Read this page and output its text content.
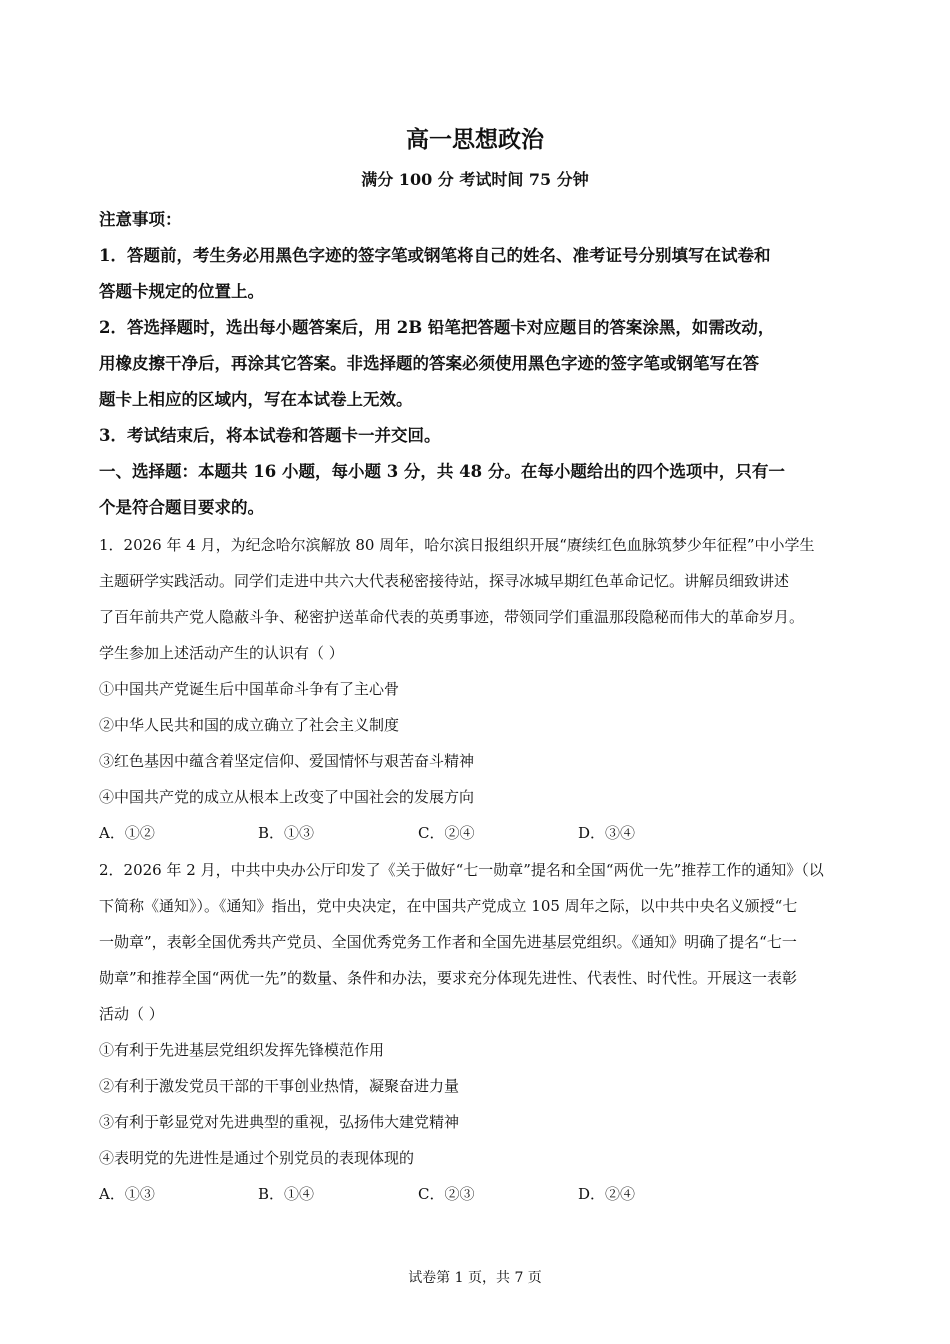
高一思想政治
满分 100 分 考试时间 75 分钟
注意事项：
1．答题前，考生务必用黑色字迹的签字笔或钢笔将自己的姓名、准考证号分别填写在试卷和
答题卡规定的位置上。
2．答选择题时，选出每小题答案后，用 2B 铅笔把答题卡对应题目的答案涂黑，如需改动，
用橡皮擦干净后，再涂其它答案。非选择题的答案必须使用黑色字迹的签字笔或钢笔写在答
题卡上相应的区域内，写在本试卷上无效。
3．考试结束后，将本试卷和答题卡一并交回。
一、选择题：本题共 16 小题，每小题 3 分，共 48 分。在每小题给出的四个选项中，只有一
个是符合题目要求的。
1．2026 年 4 月，为纪念哈尔滨解放 80 周年，哈尔滨日报组织开展“赓续红色血脉筑梦少年征程”中小学生
主题研学实践活动。同学们走进中共六大代表秘密接待站，探寻冰城早期红色革命记忆。讲解员细致讲述
了百年前共产党人隐蔽斗争、秘密护送革命代表的英勇事迹，带领同学们重温那段隐秘而伟大的革命岁月。
学生参加上述活动产生的认识有（ ）
①中国共产党诞生后中国革命斗争有了主心骨
②中华人民共和国的成立确立了社会主义制度
③红色基因中蕴含着坚定信仰、爱国情怀与艰苦奋斗精神
④中国共产党的成立从根本上改变了中国社会的发展方向
A．①②	B．①③	C．②④	D．③④
2．2026 年 2 月，中共中央办公厅印发了《关于做好“七一勋章”提名和全国“两优一先”推荐工作的通知》（以
下简称《通知》）。《通知》指出，党中央决定，在中国共产党成立 105 周年之际，以中共中央名义颁授“七
一勋章”，表彰全国优秀共产党员、全国优秀党务工作者和全国先进基层党组织。《通知》明确了提名“七一
勋章”和推荐全国“两优一先”的数量、条件和办法，要求充分体现先进性、代表性、时代性。开展这一表彰
活动（ ）
①有利于先进基层党组织发挥先锋模范作用
②有利于激发党员干部的干事创业热情，凝聚奋进力量
③有利于彰显党对先进典型的重视，弘扬伟大建党精神
④表明党的先进性是通过个别党员的表现体现的
A．①③	B．①④	C．②③	D．②④
试卷第 1 页，共 7 页
